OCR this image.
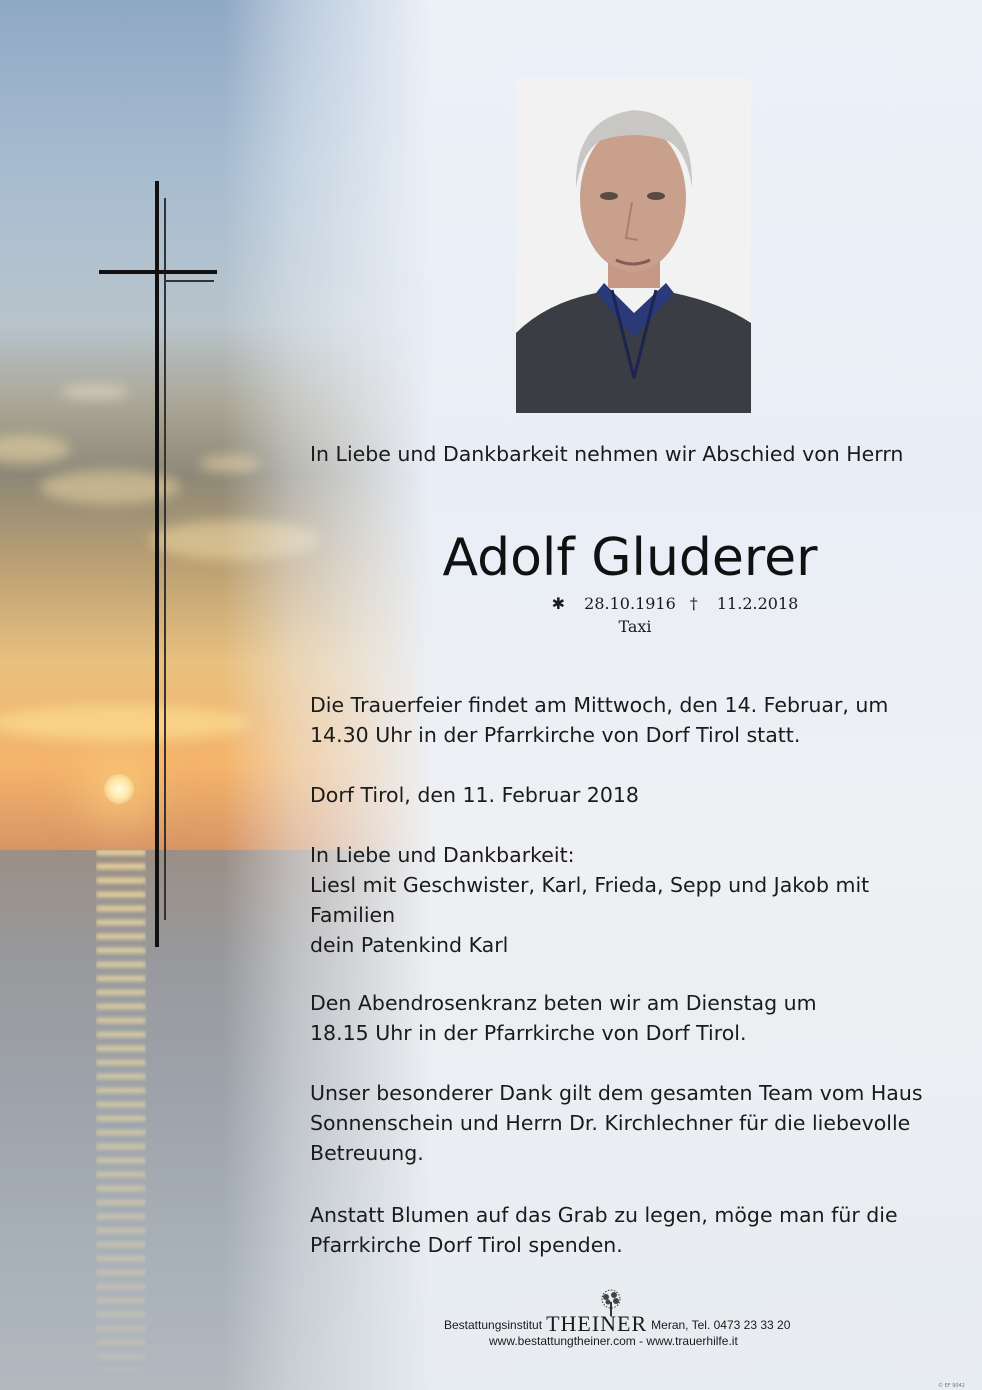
In Liebe und Dankbarkeit nehmen wir Abschied von Herrn
Adolf Gluderer
✱ 28.10.1916 † 11.2.2018
Taxi
Die Trauerfeier findet am Mittwoch, den 14. Februar, um
14.30 Uhr in der Pfarrkirche von Dorf Tirol statt.
Dorf Tirol, den 11. Februar 2018
In Liebe und Dankbarkeit:
Liesl mit Geschwister, Karl, Frieda, Sepp und Jakob mit
Familien
dein Patenkind Karl
Den Abendrosenkranz beten wir am Dienstag um
18.15 Uhr in der Pfarrkirche von Dorf Tirol.
Unser besonderer Dank gilt dem gesamten Team vom Haus
Sonnenschein und Herrn Dr. Kirchlechner für die liebevolle
Betreuung.
Anstatt Blumen auf das Grab zu legen, möge man für die
Pfarrkirche Dorf Tirol spenden.
Bestattungsinstitut THEINER Meran, Tel. 0473 23 33 20
www.bestattungtheiner.com - www.trauerhilfe.it
© EF 9042
